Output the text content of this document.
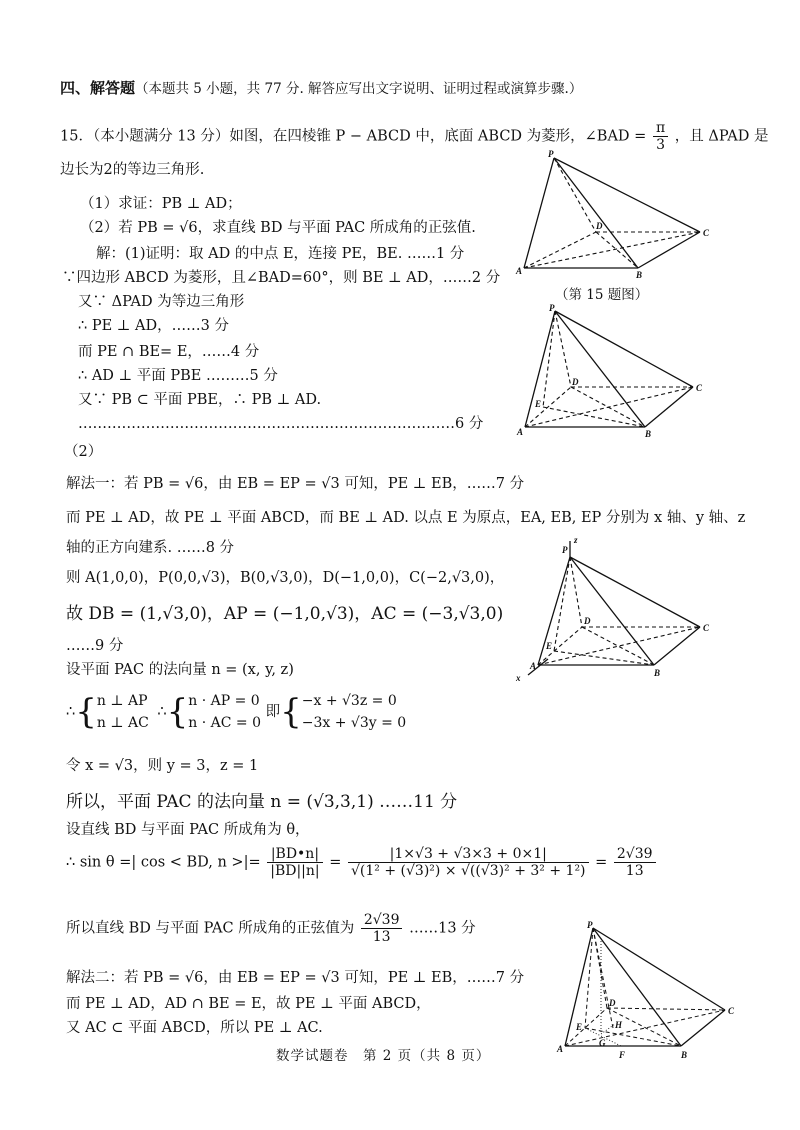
四、解答题（本题共 5 小题，共 77 分. 解答应写出文字说明、证明过程或演算步骤.）
15．（本小题满分 13 分）如图，在四棱锥 P − ABCD 中，底面 ABCD 为菱形，∠BAD = $\frac{\pi}{3}$ ，且 ΔPAD 是
边长为2的等边三角形.
（1）求证：PB ⊥ AD；
（2）若 PB = √6，求直线 BD 与平面 PAC 所成角的正弦值.
解：(1)证明：取 AD 的中点 E，连接 PE，BE. ……1 分
∵四边形 ABCD 为菱形，且∠BAD=60°，则 BE ⊥ AD，……2 分
又∵ ΔPAD 为等边三角形
∴ PE ⊥ AD，……3 分
而 PE ∩ BE= E，……4 分
∴ AD ⊥ 平面 PBE ………5 分
又∵ PB ⊂ 平面 PBE，∴ PB ⊥ AD.
……………………………………………………………………6 分
（2）
解法一：若 PB = √6，由 EB = EP = √3 可知，PE ⊥ EB，……7 分
而 PE ⊥ AD，故 PE ⊥ 平面 ABCD，而 BE ⊥ AD. 以点 E 为原点，EA, EB, EP 分别为 x 轴、y 轴、z
轴的正方向建系. ……8 分
则 A(1,0,0)，P(0,0,√3)，B(0,√3,0)，D(−1,0,0)，C(−2,√3,0)，
故 DB = (1,√3,0)，AP = (−1,0,√3)，AC = (−3,√3,0)
……9 分
设平面 PAC 的法向量 n = (x, y, z)
∴{n ⊥ AP
n ⊥ AC ∴{n · AP = 0
n · AC = 0 即{−x + √3z = 0
−3x + √3y = 0
令 x = √3，则 y = 3，z = 1
所以，平面 PAC 的法向量 n = (√3,3,1) ……11 分
设直线 BD 与平面 PAC 所成角为 θ，
∴ sin θ =| cos < BD, n >|= $\frac{|BD•n|}{|BD||n|} = \frac{|1\times√3 + √3\times 3 + 0\times 1|}{\text{√(1² + (√3)²) × √((√3)² + 3² + 1²)}} = \frac{2√39}{13}$
所以直线 BD 与平面 PAC 所成角的正弦值为 $\frac{2√39}{13}$ ……13 分
解法二：若 PB = √6，由 EB = EP = √3 可知，PE ⊥ EB，……7 分
而 PE ⊥ AD，AD ∩ BE = E，故 PE ⊥ 平面 ABCD，
又 AC ⊂ 平面 ABCD，所以 PE ⊥ AC.
数学试题卷　第 2 页（共 8 页）
P
A	B
C
D
（第 15 题图）
P
A	B
C
D
E
P
z
A
B
C
D
E
x
P
A
B
C
D
E
F
G
H
